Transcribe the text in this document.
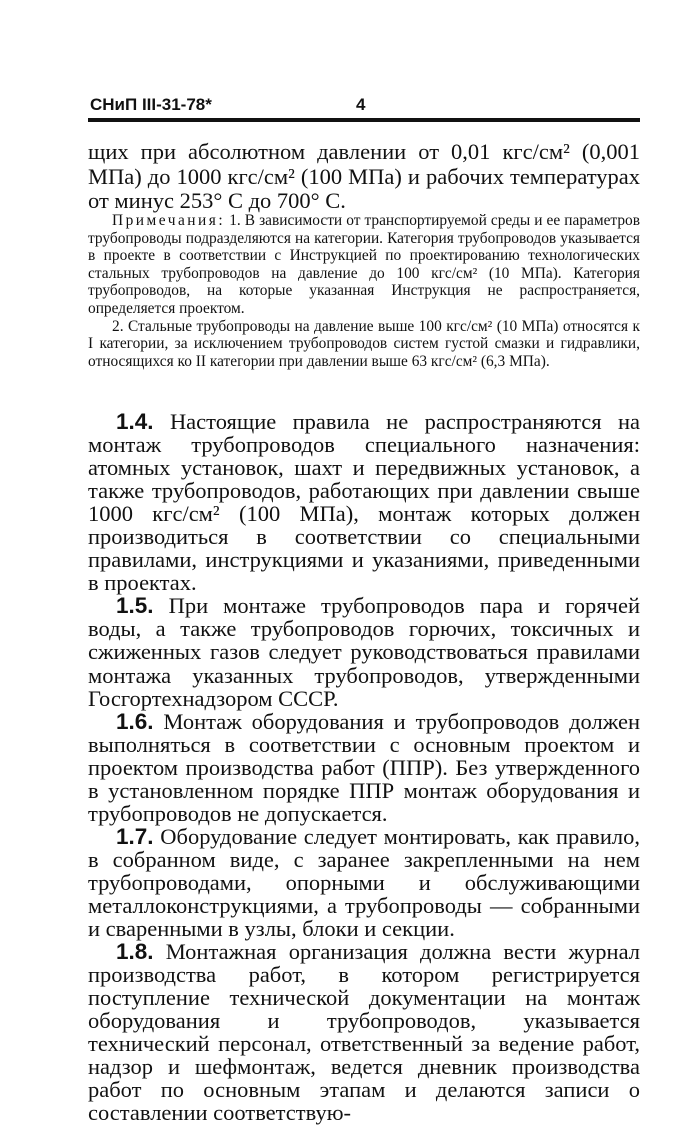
СНиП III-31-78*	4
щих при абсолютном давлении от 0,01 кгс/см² (0,001 МПа) до 1000 кгс/см² (100 МПа) и рабочих температурах от минус 253° С до 700° С.

Примечания: 1. В зависимости от транспортируемой среды и ее параметров трубопроводы подразделяются на категории. Категория трубопроводов указывается в проекте в соответствии с Инструкцией по проектированию технологических стальных трубопроводов на давление до 100 кгс/см² (10 МПа). Категория трубопроводов, на которые указанная Инструкция не распространяется, определяется проектом.

2. Стальные трубопроводы на давление выше 100 кгс/см² (10 МПа) относятся к I категории, за исключением трубопроводов систем густой смазки и гидравлики, относящихся ко II категории при давлении выше 63 кгс/см² (6,3 МПа).

1.4. Настоящие правила не распространяются на монтаж трубопроводов специального назначения: атомных установок, шахт и передвижных установок, а также трубопроводов, работающих при давлении свыше 1000 кгс/см² (100 МПа), монтаж которых должен производиться в соответствии со специальными правилами, инструкциями и указаниями, приведенными в проектах.

1.5. При монтаже трубопроводов пара и горячей воды, а также трубопроводов горючих, токсичных и сжиженных газов следует руководствоваться правилами монтажа указанных трубопроводов, утвержденными Госгортехнадзором СССР.

1.6. Монтаж оборудования и трубопроводов должен выполняться в соответствии с основным проектом и проектом производства работ (ППР). Без утвержденного в установленном порядке ППР монтаж оборудования и трубопроводов не допускается.

1.7. Оборудование следует монтировать, как правило, в собранном виде, с заранее закрепленными на нем трубопроводами, опорными и обслуживающими металлоконструкциями, а трубопроводы — собранными и сваренными в узлы, блоки и секции.

1.8. Монтажная организация должна вести журнал производства работ, в котором регистрируется поступление технической документации на монтаж оборудования и трубопроводов, указывается технический персонал, ответственный за ведение работ, надзор и шефмонтаж, ведется дневник производства работ по основным этапам и делаются записи о составлении соответствую-
